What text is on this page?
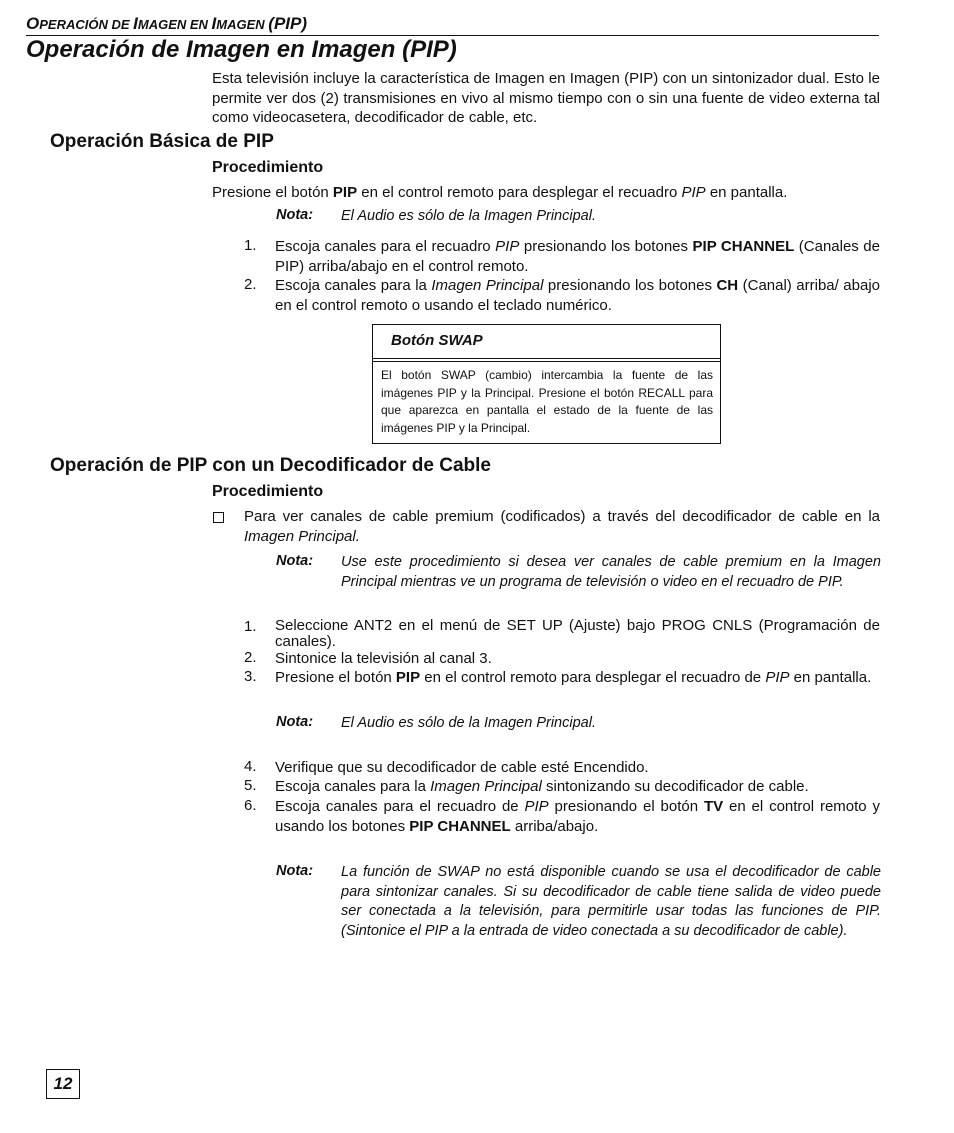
OPERACIÓN DE IMAGEN EN IMAGEN (PIP)
Operación de Imagen en Imagen (PIP)
Esta televisión incluye la característica de Imagen en Imagen (PIP) con un sintonizador dual. Esto le permite ver dos (2) transmisiones en vivo al mismo tiempo con o sin una fuente de video externa tal como videocasetera, decodificador de cable, etc.
Operación Básica de PIP
Procedimiento
Presione el botón PIP en el control remoto para desplegar el recuadro PIP en pantalla.
Nota: El Audio es sólo de la Imagen Principal.
1. Escoja canales para el recuadro PIP presionando los botones PIP CHANNEL (Canales de PIP) arriba/abajo en el control remoto.
2. Escoja canales para la Imagen Principal presionando los botones CH (Canal) arriba/ abajo en el control remoto o usando el teclado numérico.
Botón SWAP
El botón SWAP (cambio) intercambia la fuente de las imágenes PIP y la Principal. Presione el botón RECALL para que aparezca en pantalla el estado de la fuente de las imágenes PIP y la Principal.
Operación de PIP con un Decodificador de Cable
Procedimiento
Para ver canales de cable premium (codificados) a través del decodificador de cable en la Imagen Principal.
Nota: Use este procedimiento si desea ver canales de cable premium en la Imagen Principal mientras ve un programa de televisión o video en el recuadro de PIP.
1. Seleccione ANT2 en el menú de SET UP (Ajuste) bajo PROG CNLS (Programación de canales).
2. Sintonice la televisión al canal 3.
3. Presione el botón PIP en el control remoto para desplegar el recuadro de PIP en pantalla.
Nota: El Audio es sólo de la Imagen Principal.
4. Verifique que su decodificador de cable esté Encendido.
5. Escoja canales para la Imagen Principal sintonizando su decodificador de cable.
6. Escoja canales para el recuadro de PIP presionando el botón TV en el control remoto y usando los botones PIP CHANNEL arriba/abajo.
Nota: La función de SWAP no está disponible cuando se usa el decodificador de cable para sintonizar canales. Si su decodificador de cable tiene salida de video puede ser conectada a la televisión, para permitirle usar todas las funciones de PIP. (Sintonice el PIP a la entrada de video conectada a su decodificador de cable).
12
